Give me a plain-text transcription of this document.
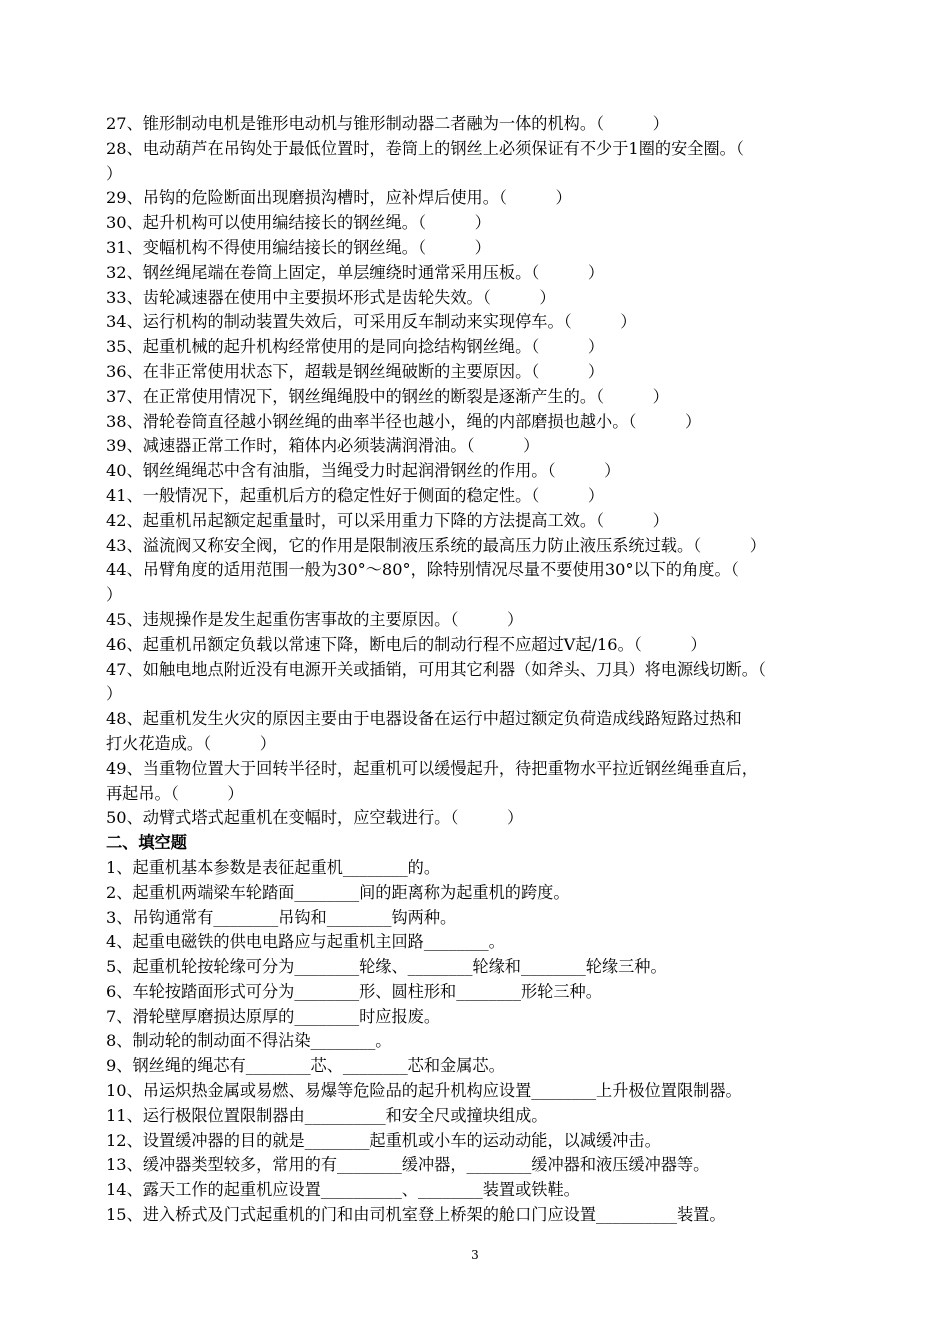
27、锥形制动电机是锥形电动机与锥形制动器二者融为一体的机构。（　　　）
28、电动葫芦在吊钩处于最低位置时，卷筒上的钢丝上必须保证有不少于1圈的安全圈。（
）
29、吊钩的危险断面出现磨损沟槽时，应补焊后使用。（　　　）
30、起升机构可以使用编结接长的钢丝绳。（　　　）
31、变幅机构不得使用编结接长的钢丝绳。（　　　）
32、钢丝绳尾端在卷筒上固定，单层缠绕时通常采用压板。（　　　）
33、齿轮减速器在使用中主要损坏形式是齿轮失效。（　　　）
34、运行机构的制动装置失效后，可采用反车制动来实现停车。（　　　）
35、起重机械的起升机构经常使用的是同向捻结构钢丝绳。（　　　）
36、在非正常使用状态下，超载是钢丝绳破断的主要原因。（　　　）
37、在正常使用情况下，钢丝绳绳股中的钢丝的断裂是逐渐产生的。（　　　）
38、滑轮卷筒直径越小钢丝绳的曲率半径也越小，绳的内部磨损也越小。（　　　）
39、减速器正常工作时，箱体内必须装满润滑油。（　　　）
40、钢丝绳绳芯中含有油脂，当绳受力时起润滑钢丝的作用。（　　　）
41、一般情况下，起重机后方的稳定性好于侧面的稳定性。（　　　）
42、起重机吊起额定起重量时，可以采用重力下降的方法提高工效。（　　　）
43、溢流阀又称安全阀，它的作用是限制液压系统的最高压力防止液压系统过载。（　　　）
44、吊臂角度的适用范围一般为30°～80°，除特别情况尽量不要使用30°以下的角度。（
）
45、违规操作是发生起重伤害事故的主要原因。（　　　）
46、起重机吊额定负载以常速下降，断电后的制动行程不应超过V起/16。（　　　）
47、如触电地点附近没有电源开关或插销，可用其它利器（如斧头、刀具）将电源线切断。（
）
48、起重机发生火灾的原因主要由于电器设备在运行中超过额定负荷造成线路短路过热和
打火花造成。（　　　）
49、当重物位置大于回转半径时，起重机可以缓慢起升，待把重物水平拉近钢丝绳垂直后，
再起吊。（　　　）
50、动臂式塔式起重机在变幅时，应空载进行。（　　　）
二、填空题
1、起重机基本参数是表征起重机________的。
2、起重机两端梁车轮踏面________间的距离称为起重机的跨度。
3、吊钩通常有________吊钩和________钩两种。
4、起重电磁铁的供电电路应与起重机主回路________。
5、起重机轮按轮缘可分为________轮缘、________轮缘和________轮缘三种。
6、车轮按踏面形式可分为________形、圆柱形和________形轮三种。
7、滑轮壁厚磨损达原厚的________时应报废。
8、制动轮的制动面不得沾染________。
9、钢丝绳的绳芯有________芯、________芯和金属芯。
10、吊运炽热金属或易燃、易爆等危险品的起升机构应设置________上升极位置限制器。
11、运行极限位置限制器由__________和安全尺或撞块组成。
12、设置缓冲器的目的就是________起重机或小车的运动动能，以减缓冲击。
13、缓冲器类型较多，常用的有________缓冲器，________缓冲器和液压缓冲器等。
14、露天工作的起重机应设置__________、________装置或铁鞋。
15、进入桥式及门式起重机的门和由司机室登上桥架的舱口门应设置__________装置。
3
